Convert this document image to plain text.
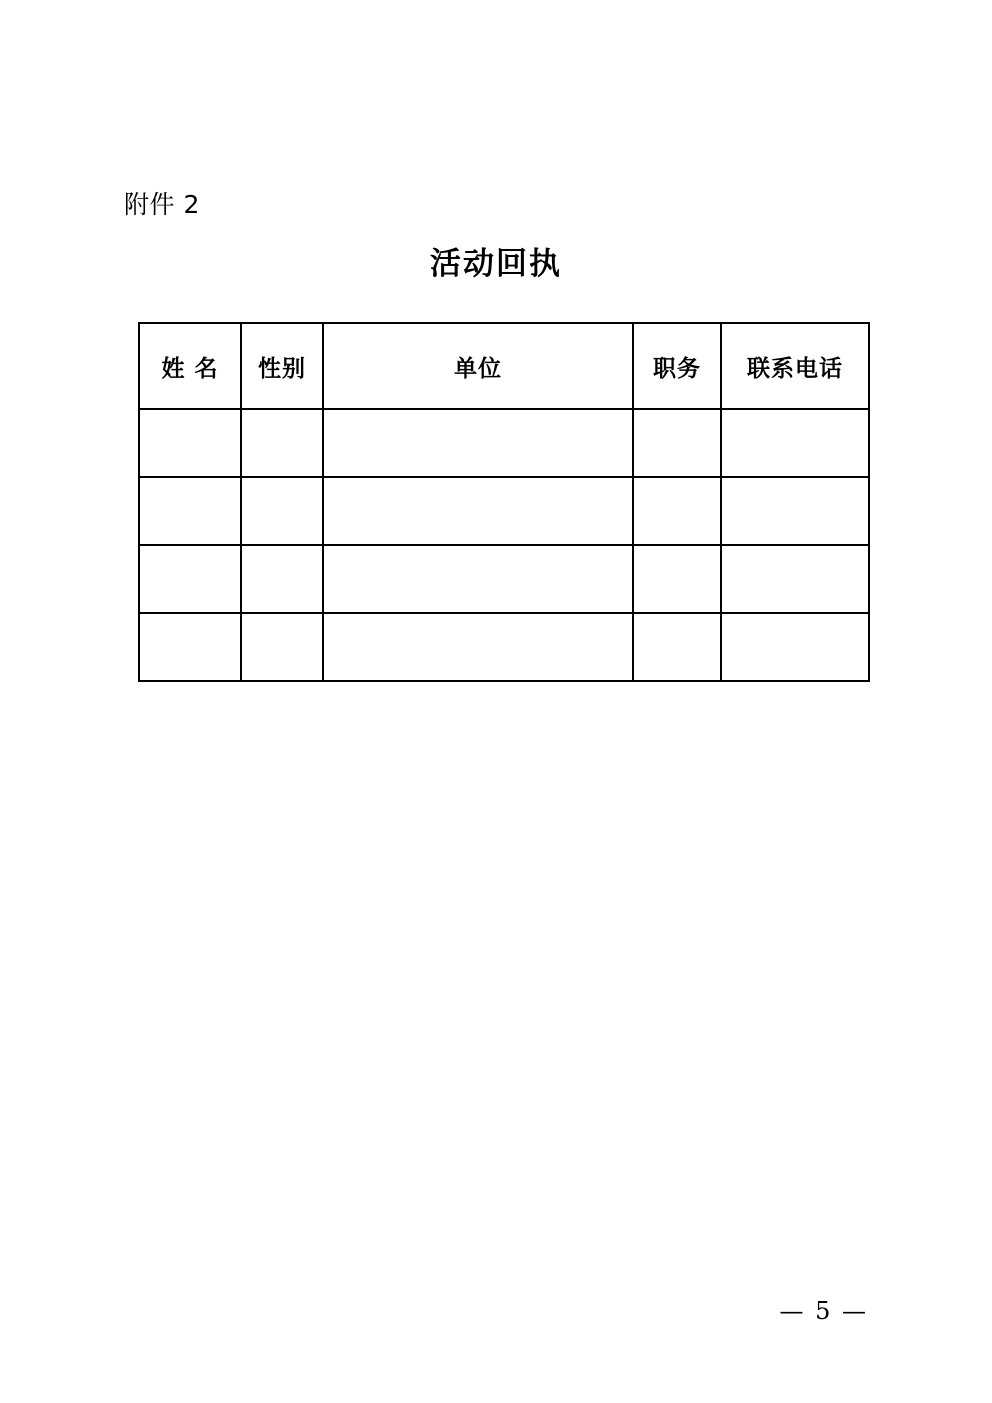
附件 2
活动回执
姓 名	性别	单位	职务	联系电话

— 5 —
